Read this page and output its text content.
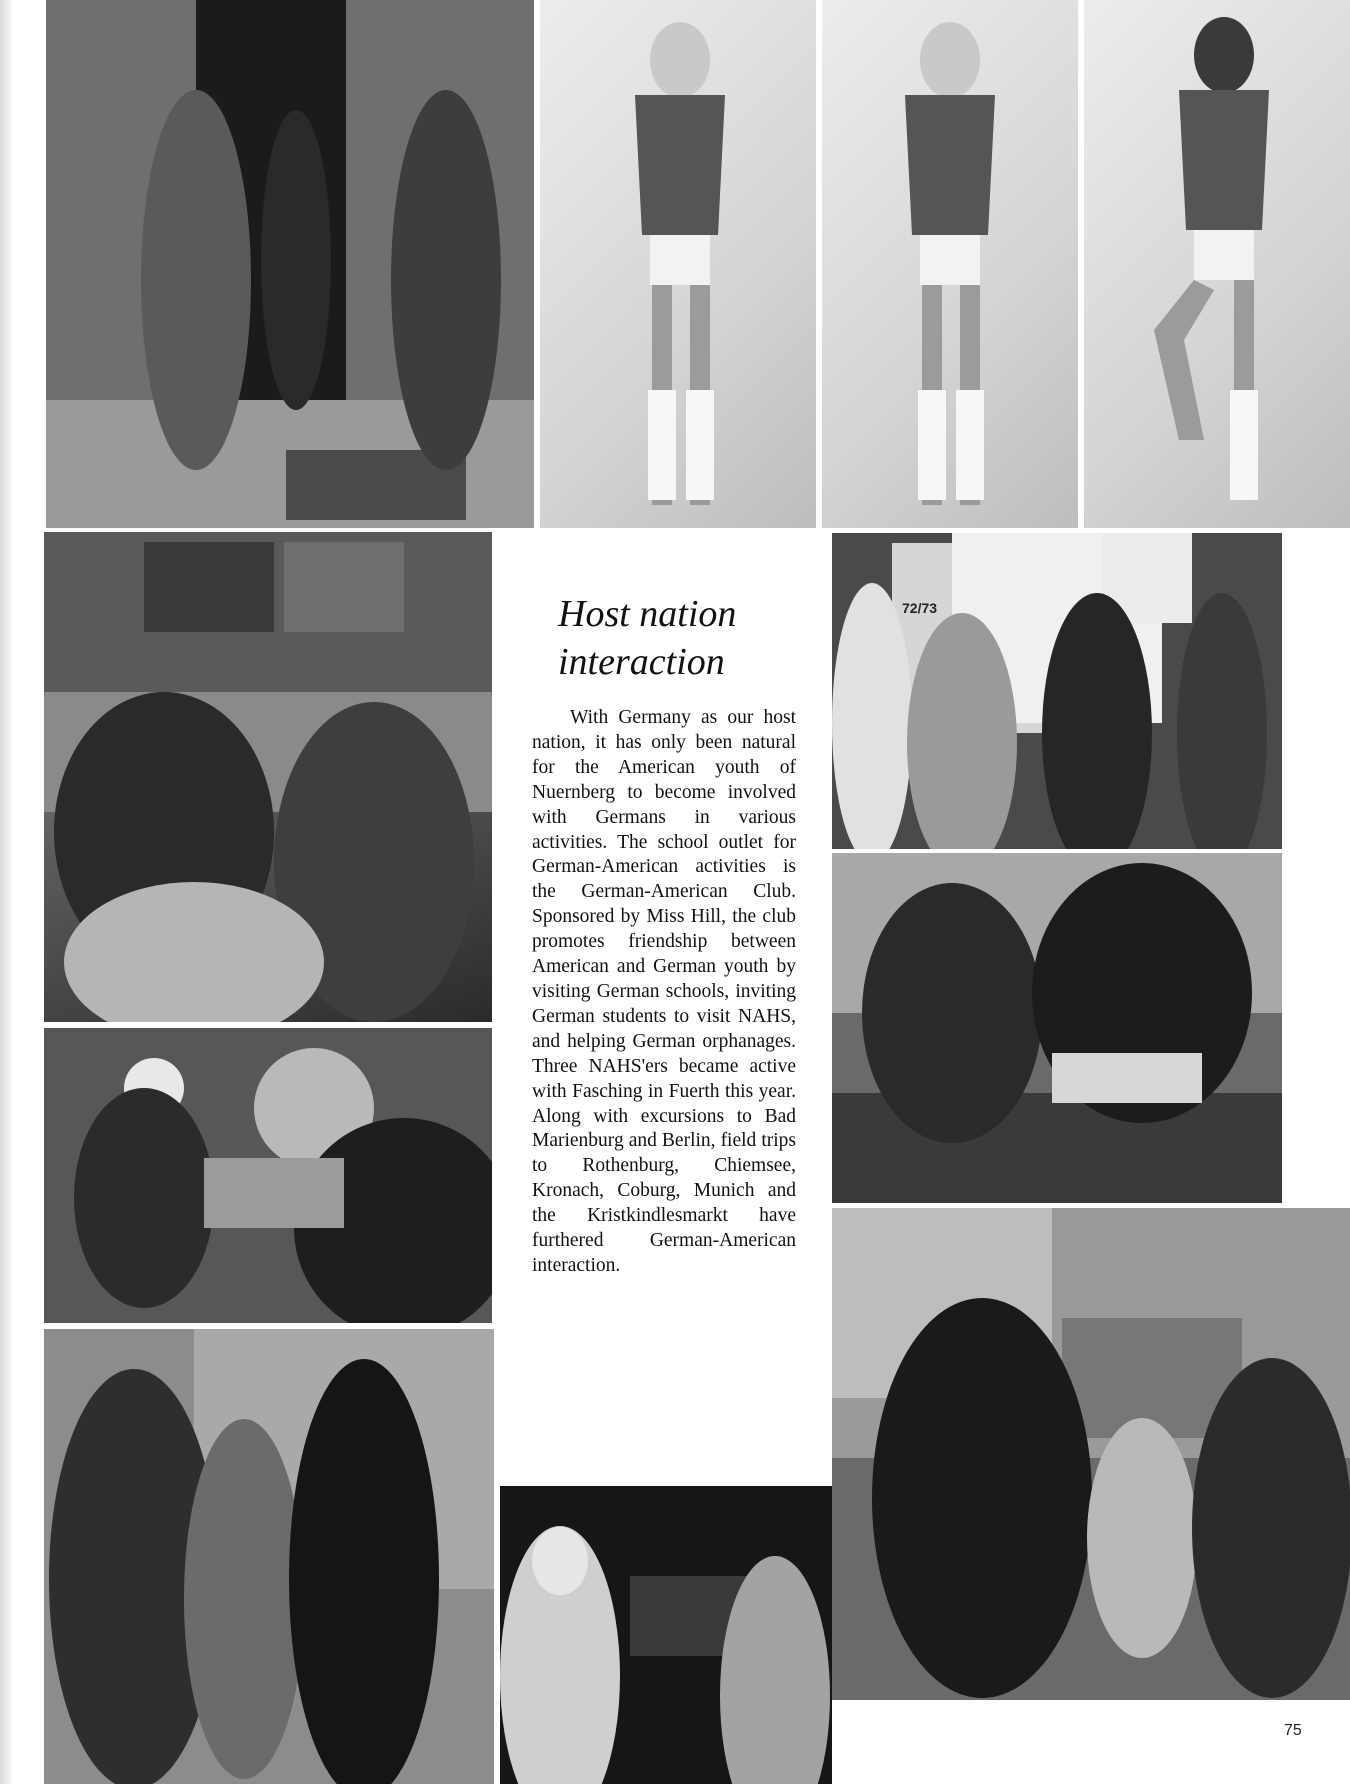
Host nation
interaction

With Germany as our host nation, it has only been natural for the American youth of Nuernberg to become involved with Germans in various activities. The school outlet for German-American activities is the German-American Club. Sponsored by Miss Hill, the club promotes friendship between American and German youth by visiting German schools, inviting German students to visit NAHS, and helping German orphanages. Three NAHS'ers became active with Fasching in Fuerth this year. Along with excursions to Bad Marienburg and Berlin, field trips to Rothenburg, Chiemsee, Kronach, Coburg, Munich and the Kristkindlesmarkt have furthered German-American interaction.

72/73
75
